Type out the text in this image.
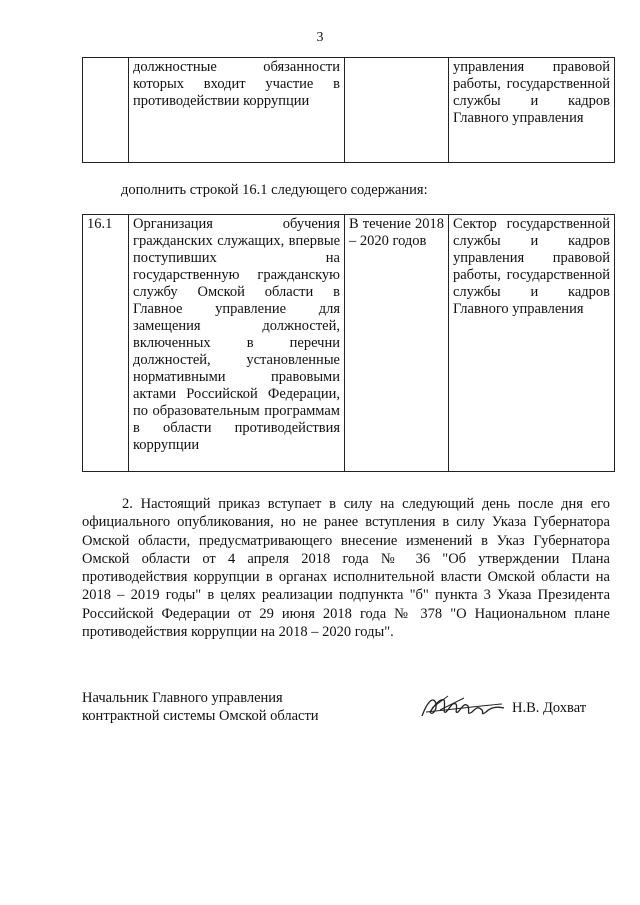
3
	должностные обязанности которых входит участие в противодействии коррупции		управления правовой работы, государственной службы и кадров Главного управления
дополнить строкой 16.1 следующего содержания:
16.1	Организация обучения гражданских служащих, впервые поступивших на государственную гражданскую службу Омской области в Главное управление для замещения должностей, включенных в перечни должностей, установленные нормативными правовыми актами Российской Федерации, по образовательным программам в области противодействия коррупции	В течение 2018 – 2020 годов	Сектор государственной службы и кадров управления правовой работы, государственной службы и кадров Главного управления
2. Настоящий приказ вступает в силу на следующий день после дня его официального опубликования, но не ранее вступления в силу Указа Губернатора Омской области, предусматривающего внесение изменений в Указ Губернатора Омской области от 4 апреля 2018 года № 36 "Об утверждении Плана противодействия коррупции в органах исполнительной власти Омской области на 2018 – 2019 годы" в целях реализации подпункта "б" пункта 3 Указа Президента Российской Федерации от 29 июня 2018 года № 378 "О Национальном плане противодействия коррупции на 2018 – 2020 годы".
Начальник Главного управления
контрактной системы Омской области	Н.В. Дохват
